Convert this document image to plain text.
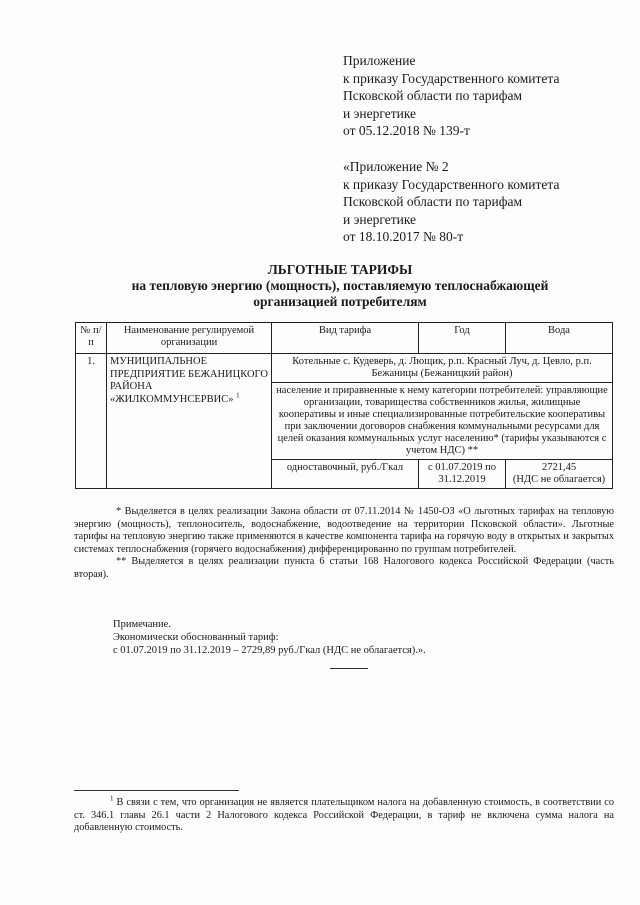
Приложение
к приказу Государственного комитета
Псковской области по тарифам
и энергетике
от 05.12.2018 № 139-т
«Приложение № 2
к приказу Государственного комитета
Псковской области по тарифам
и энергетике
от 18.10.2017 № 80-т
ЛЬГОТНЫЕ ТАРИФЫ
на тепловую энергию (мощность), поставляемую теплоснабжающей
организацией потребителям
№ п/п	Наименование регулируемой организации	Вид тарифа	Год	Вода
1.	МУНИЦИПАЛЬНОЕ ПРЕДПРИЯТИЕ БЕЖАНИЦКОГО РАЙОНА «ЖИЛКОММУНСЕРВИС» $^1$	Котельные с. Кудеверь, д. Лющик, р.п. Красный Луч, д. Цевло, р.п. Бежаницы (Бежаницкий район)		
		население и приравненные к нему категории потребителей: управляющие организации, товарищества собственников жилья, жилищные кооперативы и иные специализированные потребительские кооперативы при заключении договоров снабжения коммунальными ресурсами для целей оказания коммунальных услуг населению* (тарифы указываются с учетом НДС) **		
		одноставочный, руб./Гкал	с 01.07.2019 по 31.12.2019	2721,45
(НДС не облагается)

* Выделяется в целях реализации Закона области от 07.11.2014 № 1450-ОЗ «О льготных тарифах на тепловую энергию (мощность), теплоноситель, водоснабжение, водоотведение на территории Псковской области». Льготные тарифы на тепловую энергию также применяются в качестве компонента тарифа на горячую воду в открытых и закрытых системах теплоснабжения (горячего водоснабжения) дифференцированно по группам потребителей.

** Выделяется в целях реализации пункта 6 статьи 168 Налогового кодекса Российской Федерации (часть вторая).

Примечание.
Экономически обоснованный тариф:
с 01.07.2019 по 31.12.2019 – 2729,89 руб./Гкал (НДС не облагается).».

$^1$ В связи с тем, что организация не является плательщиком налога на добавленную стоимость, в соответствии со ст. 346.1 главы 26.1 части 2 Налогового кодекса Российской Федерации, в тариф не включена сумма налога на добавленную стоимость.
